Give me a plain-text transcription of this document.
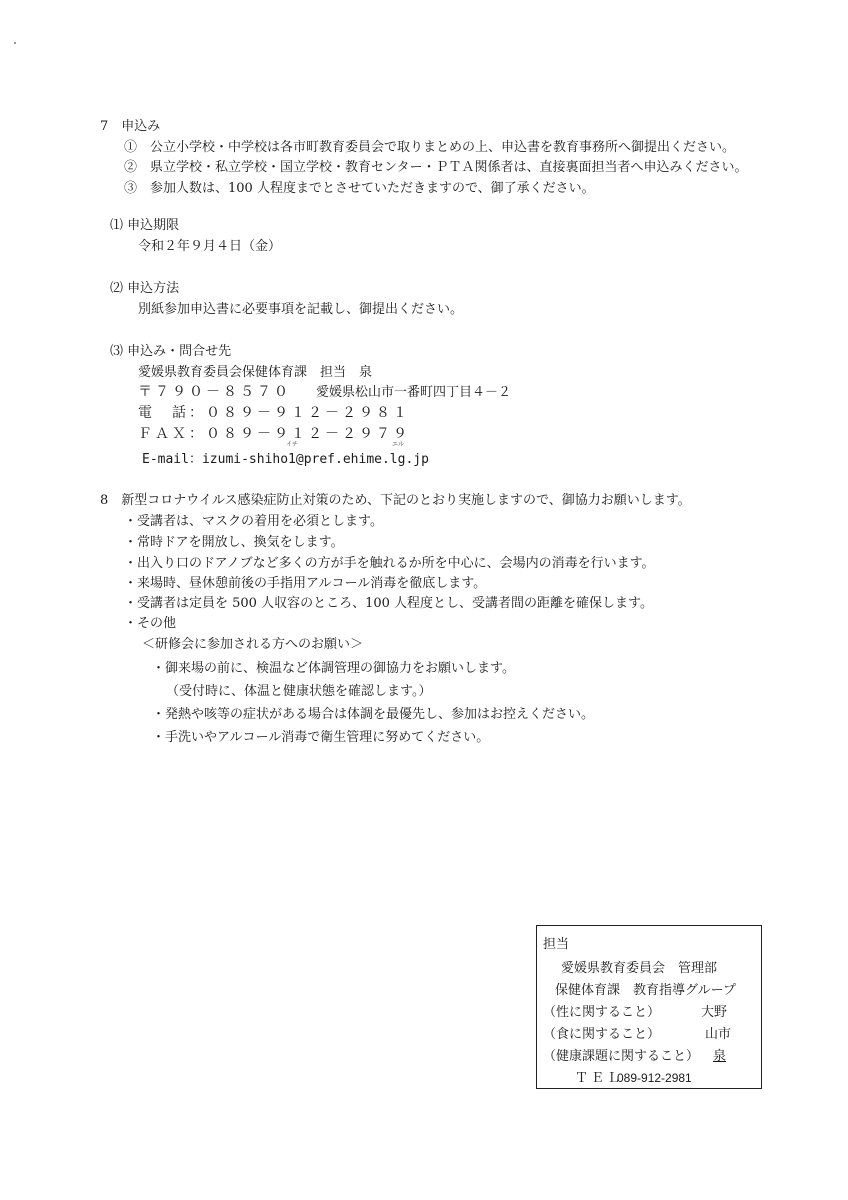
7　申込み
①　公立小学校・中学校は各市町教育委員会で取りまとめの上、申込書を教育事務所へ御提出ください。
②　県立学校・私立学校・国立学校・教育センター・ＰＴＡ関係者は、直接裏面担当者へ申込みください。
③　参加人数は、100 人程度までとさせていただきますので、御了承ください。
⑴ 申込期限
令和２年９月４日（金）
⑵ 申込方法
別紙参加申込書に必要事項を記載し、御提出ください。
⑶ 申込み・問合せ先
愛媛県教育委員会保健体育課　担当　泉
〒７９０－８５７０ 愛媛県松山市一番町四丁目４－２
電　話：０８９－９１２－２９８１
ＦＡＸ：０８９－９１２－２９７９
イチ	エル
E-mail：izumi-shiho1@pref.ehime.lg.jp
8　新型コロナウイルス感染症防止対策のため、下記のとおり実施しますので、御協力お願いします。
・受講者は、マスクの着用を必須とします。
・常時ドアを開放し、換気をします。
・出入り口のドアノブなど多くの方が手を触れるか所を中心に、会場内の消毒を行います。
・来場時、昼休憩前後の手指用アルコール消毒を徹底します。
・受講者は定員を 500 人収容のところ、100 人程度とし、受講者間の距離を確保します。
・その他
＜研修会に参加される方へのお願い＞
・御来場の前に、検温など体調管理の御協力をお願いします。
（受付時に、体温と健康状態を確認します。）
・発熱や咳等の症状がある場合は体調を最優先し、参加はお控えください。
・手洗いやアルコール消毒で衛生管理に努めてください。
担当
愛媛県教育委員会　管理部
保健体育課　教育指導グループ
（性に関すること）	大野
（食に関すること）	山市
（健康課題に関すること） 泉
ＴＥＬ
089-912-2981
